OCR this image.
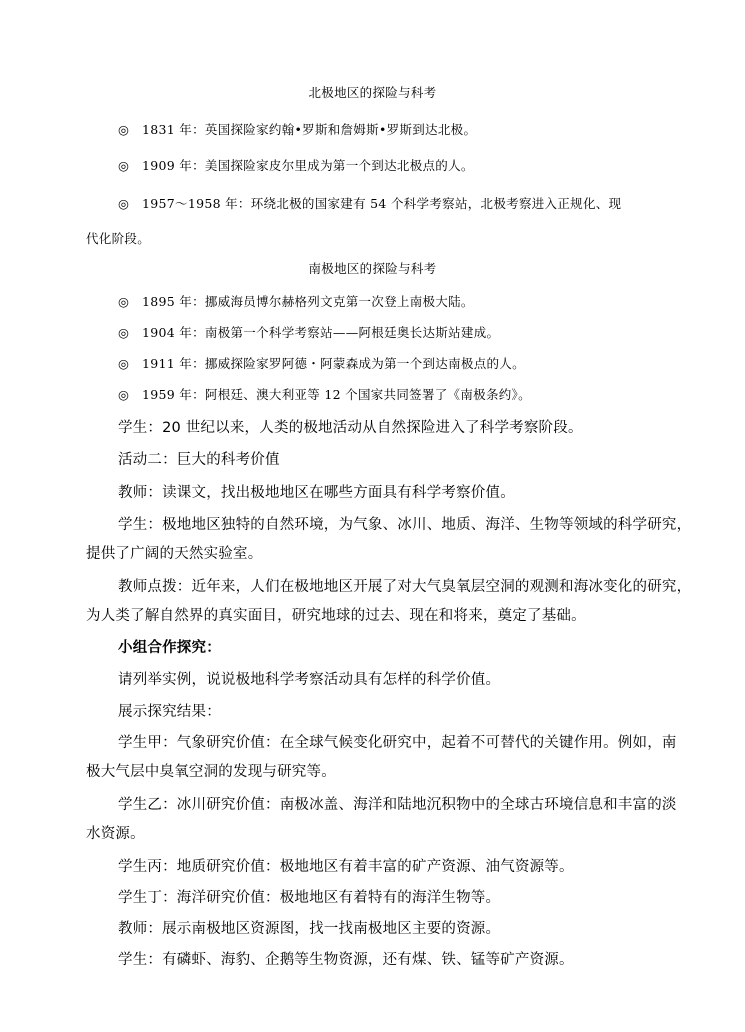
北极地区的探险与科考
◎　1831 年：英国探险家约翰•罗斯和詹姆斯•罗斯到达北极。
◎　1909 年：美国探险家皮尔里成为第一个到达北极点的人。
◎　1957～1958 年：环绕北极的国家建有 54 个科学考察站，北极考察进入正规化、现
代化阶段。
南极地区的探险与科考
◎　1895 年：挪威海员博尔赫格列文克第一次登上南极大陆。
◎　1904 年：南极第一个科学考察站——阿根廷奥长达斯站建成。
◎　1911 年：挪威探险家罗阿德・阿蒙森成为第一个到达南极点的人。
◎　1959 年：阿根廷、澳大利亚等 12 个国家共同签署了《南极条约》。
学生：20 世纪以来，人类的极地活动从自然探险进入了科学考察阶段。
活动二：巨大的科考价值
教师：读课文，找出极地地区在哪些方面具有科学考察价值。
学生：极地地区独特的自然环境，为气象、冰川、地质、海洋、生物等领域的科学研究，
提供了广阔的天然实验室。
教师点拨：近年来，人们在极地地区开展了对大气臭氧层空洞的观测和海冰变化的研究，
为人类了解自然界的真实面目，研究地球的过去、现在和将来，奠定了基础。
小组合作探究：
请列举实例，说说极地科学考察活动具有怎样的科学价值。
展示探究结果：
学生甲：气象研究价值：在全球气候变化研究中，起着不可替代的关键作用。例如，南
极大气层中臭氧空洞的发现与研究等。
学生乙：冰川研究价值：南极冰盖、海洋和陆地沉积物中的全球古环境信息和丰富的淡
水资源。
学生丙：地质研究价值：极地地区有着丰富的矿产资源、油气资源等。
学生丁：海洋研究价值：极地地区有着特有的海洋生物等。
教师：展示南极地区资源图，找一找南极地区主要的资源。
学生：有磷虾、海豹、企鹅等生物资源，还有煤、铁、锰等矿产资源。
